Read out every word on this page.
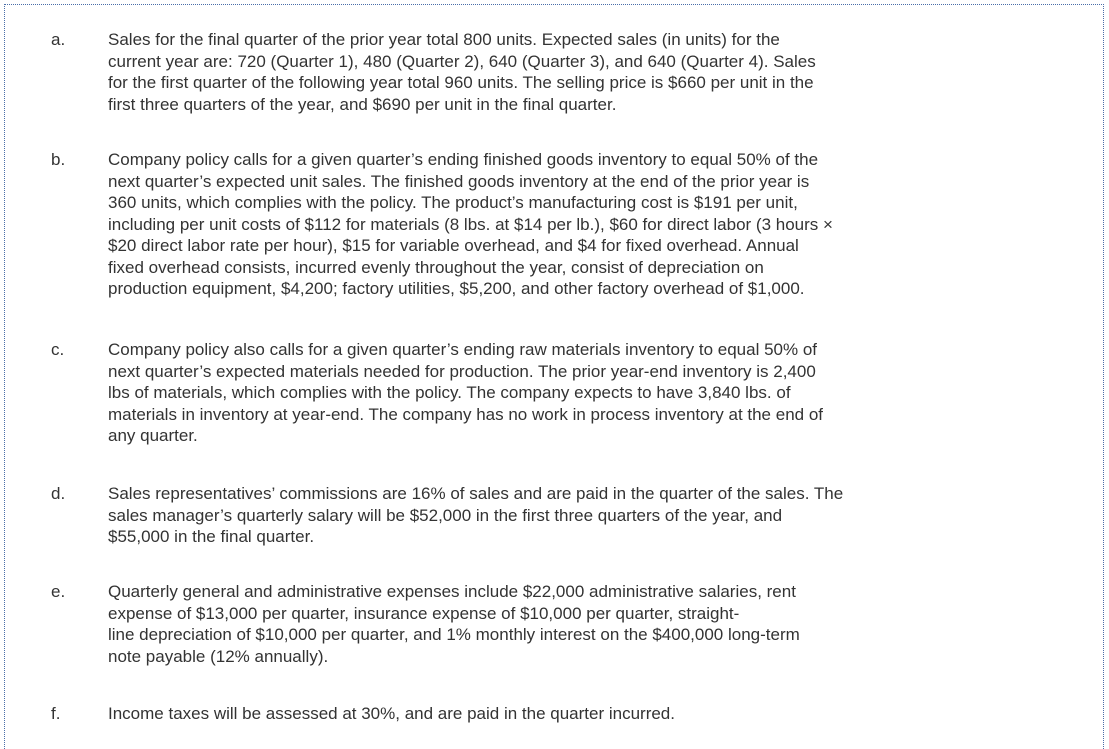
a.	Sales for the final quarter of the prior year total 800 units. Expected sales (in units) for the
current year are: 720 (Quarter 1), 480 (Quarter 2), 640 (Quarter 3), and 640 (Quarter 4). Sales
for the first quarter of the following year total 960 units. The selling price is $660 per unit in the
first three quarters of the year, and $690 per unit in the final quarter.
b.	Company policy calls for a given quarter’s ending finished goods inventory to equal 50% of the
next quarter’s expected unit sales. The finished goods inventory at the end of the prior year is
360 units, which complies with the policy. The product’s manufacturing cost is $191 per unit,
including per unit costs of $112 for materials (8 lbs. at $14 per lb.), $60 for direct labor (3 hours ×
$20 direct labor rate per hour), $15 for variable overhead, and $4 for fixed overhead. Annual
fixed overhead consists, incurred evenly throughout the year, consist of depreciation on
production equipment, $4,200; factory utilities, $5,200, and other factory overhead of $1,000.
c.	Company policy also calls for a given quarter’s ending raw materials inventory to equal 50% of
next quarter’s expected materials needed for production. The prior year-end inventory is 2,400
lbs of materials, which complies with the policy. The company expects to have 3,840 lbs. of
materials in inventory at year-end. The company has no work in process inventory at the end of
any quarter.
d.	Sales representatives’ commissions are 16% of sales and are paid in the quarter of the sales. The
sales manager’s quarterly salary will be $52,000 in the first three quarters of the year, and
$55,000 in the final quarter.
e.	Quarterly general and administrative expenses include $22,000 administrative salaries, rent
expense of $13,000 per quarter, insurance expense of $10,000 per quarter, straight-
line depreciation of $10,000 per quarter, and 1% monthly interest on the $400,000 long-term
note payable (12% annually).
f.	Income taxes will be assessed at 30%, and are paid in the quarter incurred.
